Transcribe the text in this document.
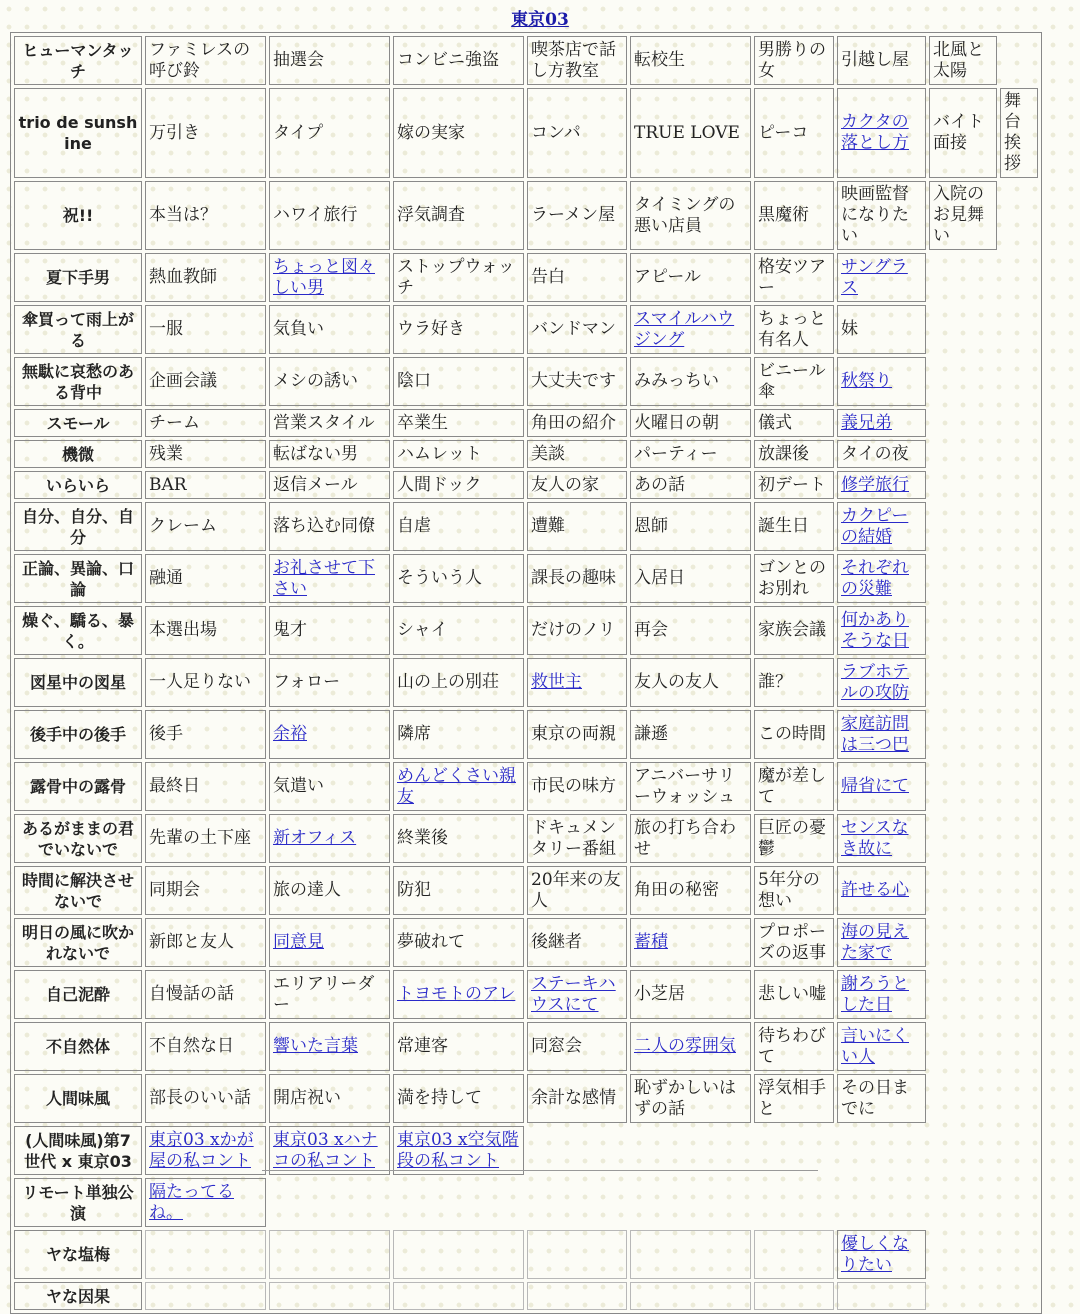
東京03
ヒューマンタッチ	ファミレスの呼び鈴	抽選会	コンビニ強盗	喫茶店で話し方教室	転校生	男勝りの女	引越し屋	北風と太陽	
trio de sunshine	万引き	タイプ	嫁の実家	コンパ	TRUE LOVE	ピーコ	カクタの落とし方	バイト面接	舞台挨拶
祝!!	本当は？	ハワイ旅行	浮気調査	ラーメン屋	タイミングの悪い店員	黒魔術	映画監督になりたい	入院のお見舞い	
夏下手男	熱血教師	ちょっと図々しい男	ストップウォッチ	告白	アピール	格安ツアー	サングラス		
傘買って雨上がる	一服	気負い	ウラ好き	バンドマン	スマイルハウジング	ちょっと有名人	妹		
無駄に哀愁のある背中	企画会議	メシの誘い	陰口	大丈夫です	みみっちい	ビニール傘	秋祭り		
スモール	チーム	営業スタイル	卒業生	角田の紹介	火曜日の朝	儀式	義兄弟		
機微	残業	転ばない男	ハムレット	美談	パーティー	放課後	タイの夜		
いらいら	BAR	返信メール	人間ドック	友人の家	あの話	初デート	修学旅行		
自分、自分、自分	クレーム	落ち込む同僚	自虐	遭難	恩師	誕生日	カクピーの結婚		
正論、異論、口論	融通	お礼させて下さい	そういう人	課長の趣味	入居日	ゴンとのお別れ	それぞれの災難		
燥ぐ、驕る、暴く。	本選出場	鬼才	シャイ	だけのノリ	再会	家族会議	何かありそうな日		
図星中の図星	一人足りない	フォロー	山の上の別荘	救世主	友人の友人	誰？	ラブホテルの攻防		
後手中の後手	後手	余裕	隣席	東京の両親	謙遜	この時間	家庭訪問は三つ巴		
露骨中の露骨	最終日	気遣い	めんどくさい親友	市民の味方	アニバーサリーウォッシュ	魔が差して	帰省にて		
あるがままの君でいないで	先輩の土下座	新オフィス	終業後	ドキュメンタリー番組	旅の打ち合わせ	巨匠の憂鬱	センスなき故に		
時間に解決させないで	同期会	旅の達人	防犯	20年来の友人	角田の秘密	5年分の想い	許せる心		
明日の風に吹かれないで	新郎と友人	同意見	夢破れて	後継者	蓄積	プロポーズの返事	海の見えた家で		
自己泥酔	自慢話の話	エリアリーダー	トヨモトのアレ	ステーキハウスにて	小芝居	悲しい嘘	謝ろうとした日		
不自然体	不自然な日	響いた言葉	常連客	同窓会	二人の雰囲気	待ちわびて	言いにくい人		
人間味風	部長のいい話	開店祝い	満を持して	余計な感情	恥ずかしいはずの話	浮気相手と	その日までに		
(人間味風)第7世代 x 東京03	東京03 xかが屋の私コント	東京03 xハナコの私コント	東京03 x空気階段の私コント						
リモート単独公演	隔たってるね。								
ヤな塩梅							優しくなりたい		
ヤな因果									
